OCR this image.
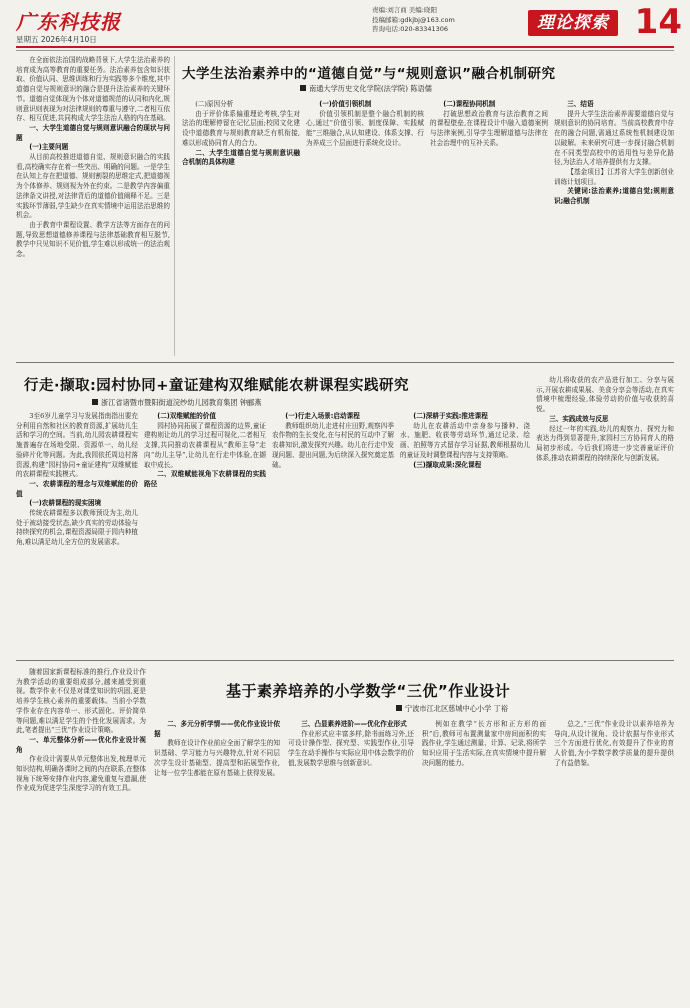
广东科技报
星期五 2026年4月10日
责编:刘言商 美编:晓阳
投稿邮箱:gdkjbj@163.com
咨询电话:020-83341306	理论探索 14

在全面依法治国的战略背景下,大学生法治素养的培育成为高等教育的重要任务。法治素养包含知识获取、价值认同、思维训练和行为实践等多个维度,其中道德自觉与规则意识的融合是提升法治素养的关键环节。道德自觉体现为个体对道德规范的认同和内化,规则意识则表现为对法律规则的尊重与遵守,二者相互依存、相互促进,共同构成大学生法治人格的内在基础。

一、大学生道德自觉与规则意识融合的现状与问题

(一)主要问题

从目前高校推进道德自觉、规则意识融合的实践看,高校确实存在着一些突出、明确的问题。一是学生在认知上存在把道德、规则割裂的思维定式,把道德视为个体修养、规则视为外在约束。二是教学内容偏重法律条文讲授,对法律背后的道德价值阐释不足。三是实践环节薄弱,学生缺少在真实情境中运用法治思维的机会。

由于教育中课程设置、教学方法等方面存在的问题,导致思想道德修养课程与法律基础教育相互脱节,教学中只见知识不见价值,学生难以形成统一的法治观念。

大学生法治素养中的“道德自觉”与“规则意识”融合机制研究
南通大学历史文化学院(法学院) 陈语儒

(二)原因分析

由于评价体系偏重理论考核,学生对法治的理解停留在记忆层面;校园文化建设中道德教育与规则教育缺乏有机衔接,难以形成协同育人的合力。

二、大学生道德自觉与规则意识融合机制的具体构建

(一)价值引领机制

价值引领机制是整个融合机制的核心,通过“价值引领、制度保障、实践赋能”三维融合,从认知建设、体系支撑、行为养成三个层面进行系统化设计。

(二)课程协同机制

打破思想政治教育与法治教育之间的课程壁垒,在课程设计中融入道德案例与法律案例,引导学生理解道德与法律在社会治理中的互补关系。

三、结语

提升大学生法治素养需要道德自觉与规则意识的协同培育。当前高校教育中存在的融合问题,需通过系统性机制建设加以破解。未来研究可进一步探讨融合机制在不同类型高校中的适用性与差异化路径,为法治人才培养提供有力支撑。

【基金项目】江苏省大学生创新创业训练计划项目。

关键词:法治素养;道德自觉;规则意识;融合机制

行走·撷取:园村协同+童证建构双维赋能农耕课程实践研究
浙江省诸暨市暨阳街道浣纱幼儿园教育集团 钟郦燕

3至6岁儿童学习与发展指南指出要充分利用自然和社区的教育资源,扩展幼儿生活和学习的空间。当前,幼儿园农耕课程实施普遍存在场地受限、资源单一、幼儿经验碎片化等问题。为此,我园依托周边村落资源,构建“园村协同+童证建构”双维赋能的农耕课程实践模式。

一、农耕课程的理念与双维赋能的价值

(一)农耕课程的现实困境

传统农耕课程多以教师预设为主,幼儿处于被动接受状态,缺少真实的劳动体验与持续探究的机会,课程资源局限于园内种植角,难以满足幼儿全方位的发展需求。

(二)双维赋能的价值

园村协同拓展了课程资源的边界,童证建构则让幼儿的学习过程可视化,二者相互支撑,共同推动农耕课程从“教师主导”走向“幼儿主导”,让幼儿在行走中体验,在撷取中成长。

二、双维赋能视角下农耕课程的实践路径

(一)行走入场景:启动课程

教师组织幼儿走进村庄田野,观察四季农作物的生长变化,在与村民的互动中了解农耕知识,激发探究兴趣。幼儿在行走中发现问题、提出问题,为后续深入探究奠定基础。

(二)深耕于实践:推进课程

幼儿在农耕活动中亲身参与播种、浇水、施肥、收获等劳动环节,通过记录、绘画、拍照等方式留存学习证据,教师根据幼儿的童证及时调整课程内容与支持策略。

(三)撷取成果:深化课程

幼儿将收获的农产品进行加工、分享与展示,开展农耕成果展、美食分享会等活动,在真实情境中梳理经验,体验劳动的价值与收获的喜悦。

三、实践成效与反思

经过一年的实践,幼儿的观察力、探究力和表达力得到显著提升,家园村三方协同育人的格局初步形成。今后我们将进一步完善童证评价体系,推动农耕课程的持续深化与创新发展。

随着国家新课程标准的推行,作业设计作为教学活动的重要组成部分,越来越受到重视。数学作业不仅是对课堂知识的巩固,更是培养学生核心素养的重要载体。当前小学数学作业存在内容单一、形式固化、评价简单等问题,难以满足学生的个性化发展需求。为此,笔者提出“三优”作业设计策略。

一、单元整体分析——优化作业设计视角

作业设计需要从单元整体出发,梳理单元知识结构,明确各课时之间的内在联系,在整体视角下统筹安排作业内容,避免重复与遗漏,使作业成为促进学生深度学习的有效工具。

基于素养培养的小学数学“三优”作业设计
宁波市江北区慈城中心小学 丁裕

二、多元分析学情——优化作业设计依据

教师在设计作业前应全面了解学生的知识基础、学习能力与兴趣特点,针对不同层次学生设计基础型、提高型和拓展型作业,让每一位学生都能在原有基础上获得发展。

三、凸显素养进阶——优化作业形式

作业形式应丰富多样,除书面练习外,还可设计操作型、探究型、实践型作业,引导学生在动手操作与实际应用中体会数学的价值,发展数学思维与创新意识。

例如在教学“长方形和正方形的面积”后,教师可布置测量家中房间面积的实践作业,学生通过测量、计算、记录,将所学知识应用于生活实际,在真实情境中提升解决问题的能力。

总之,“三优”作业设计以素养培养为导向,从设计视角、设计依据与作业形式三个方面进行优化,有效提升了作业的育人价值,为小学数学教学质量的提升提供了有益借鉴。
